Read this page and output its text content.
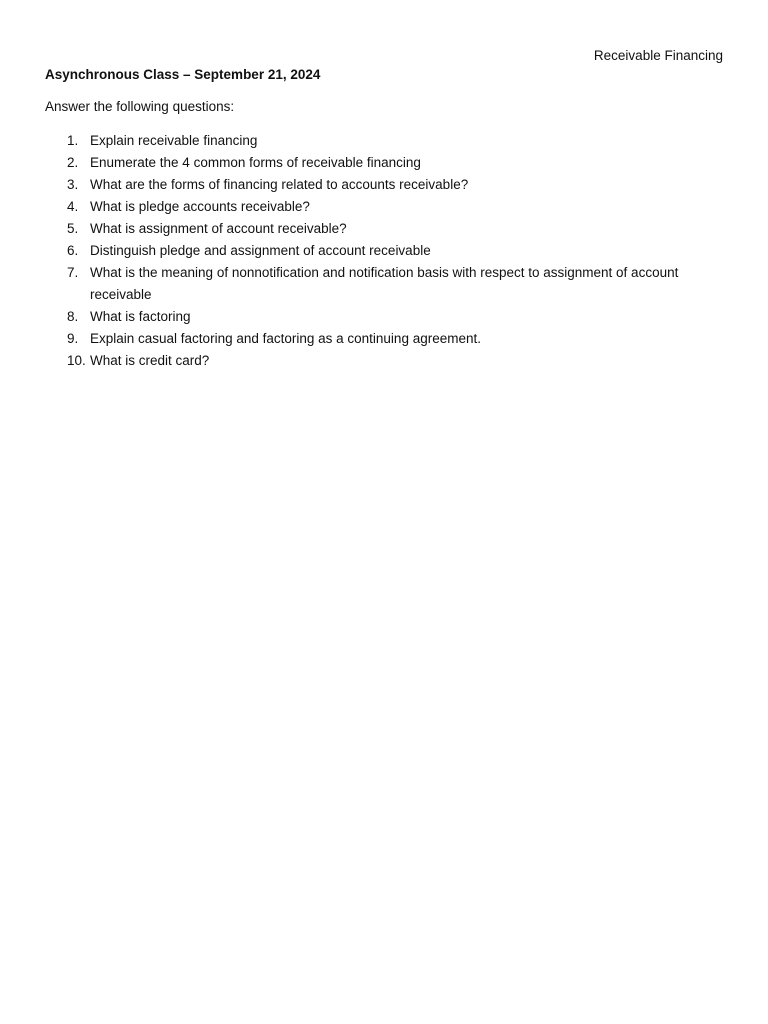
Receivable Financing
Asynchronous Class – September 21, 2024
Answer the following questions:
1. Explain receivable financing
2. Enumerate the 4 common forms of receivable financing
3. What are the forms of financing related to accounts receivable?
4. What is pledge accounts receivable?
5. What is assignment of account receivable?
6. Distinguish pledge and assignment of account receivable
7. What is the meaning of nonnotification and notification basis with respect to assignment of account receivable
8. What is factoring
9. Explain casual factoring and factoring as a continuing agreement.
10. What is credit card?
